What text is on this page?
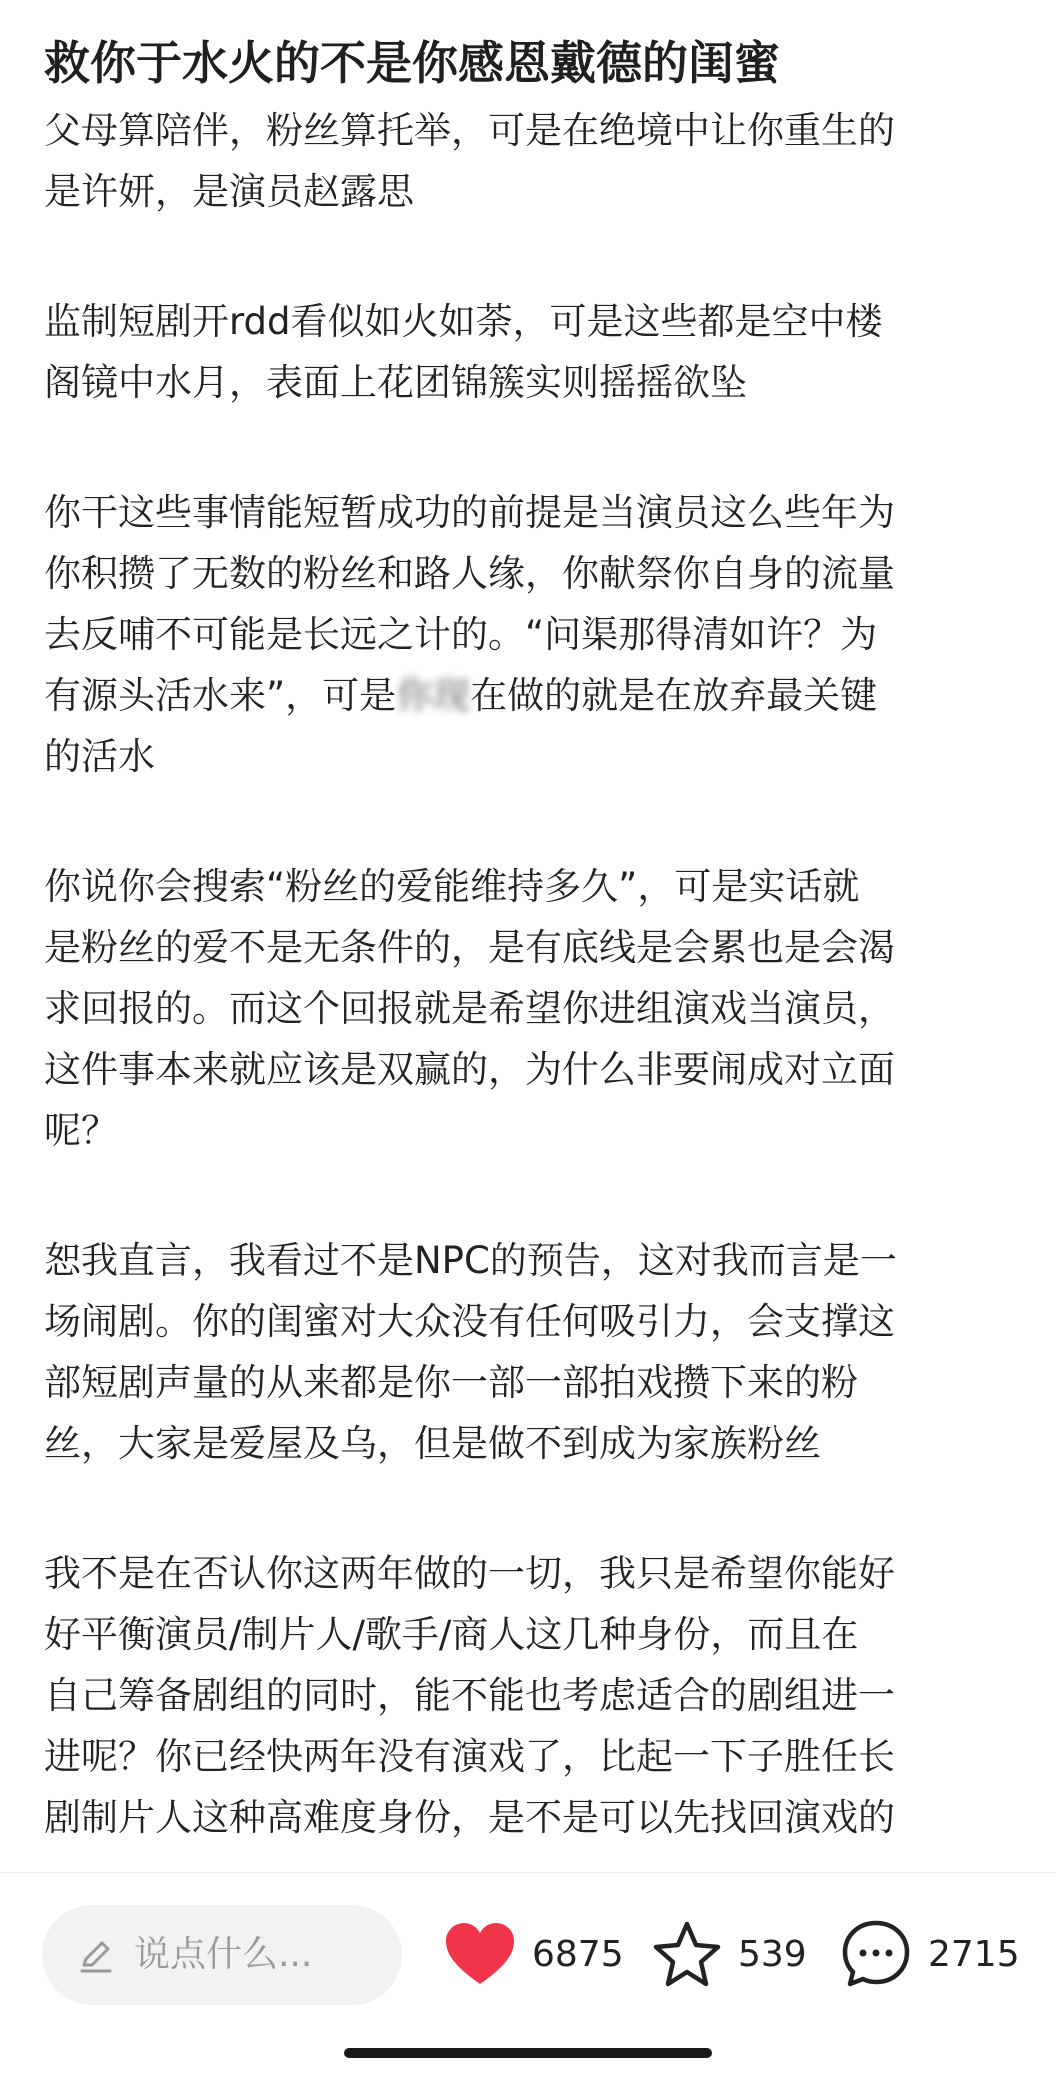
救你于水火的不是你感恩戴德的闺蜜
父母算陪伴，粉丝算托举，可是在绝境中让你重生的
是许妍，是演员赵露思
监制短剧开rdd看似如火如荼，可是这些都是空中楼
阁镜中水月，表面上花团锦簇实则摇摇欲坠
你干这些事情能短暂成功的前提是当演员这么些年为
你积攒了无数的粉丝和路人缘，你献祭你自身的流量
去反哺不可能是长远之计的。“问渠那得清如许？为
有源头活水来”，可是你现在做的就是在放弃最关键
的活水
你说你会搜索“粉丝的爱能维持多久”，可是实话就
是粉丝的爱不是无条件的，是有底线是会累也是会渴
求回报的。而这个回报就是希望你进组演戏当演员，
这件事本来就应该是双赢的，为什么非要闹成对立面
呢？
恕我直言，我看过不是NPC的预告，这对我而言是一
场闹剧。你的闺蜜对大众没有任何吸引力，会支撑这
部短剧声量的从来都是你一部一部拍戏攒下来的粉
丝，大家是爱屋及乌，但是做不到成为家族粉丝
我不是在否认你这两年做的一切，我只是希望你能好
好平衡演员/制片人/歌手/商人这几种身份，而且在
自己筹备剧组的同时，能不能也考虑适合的剧组进一
进呢？你已经快两年没有演戏了，比起一下子胜任长
剧制片人这种高难度身份，是不是可以先找回演戏的
说点什么...	6875	539	2715
